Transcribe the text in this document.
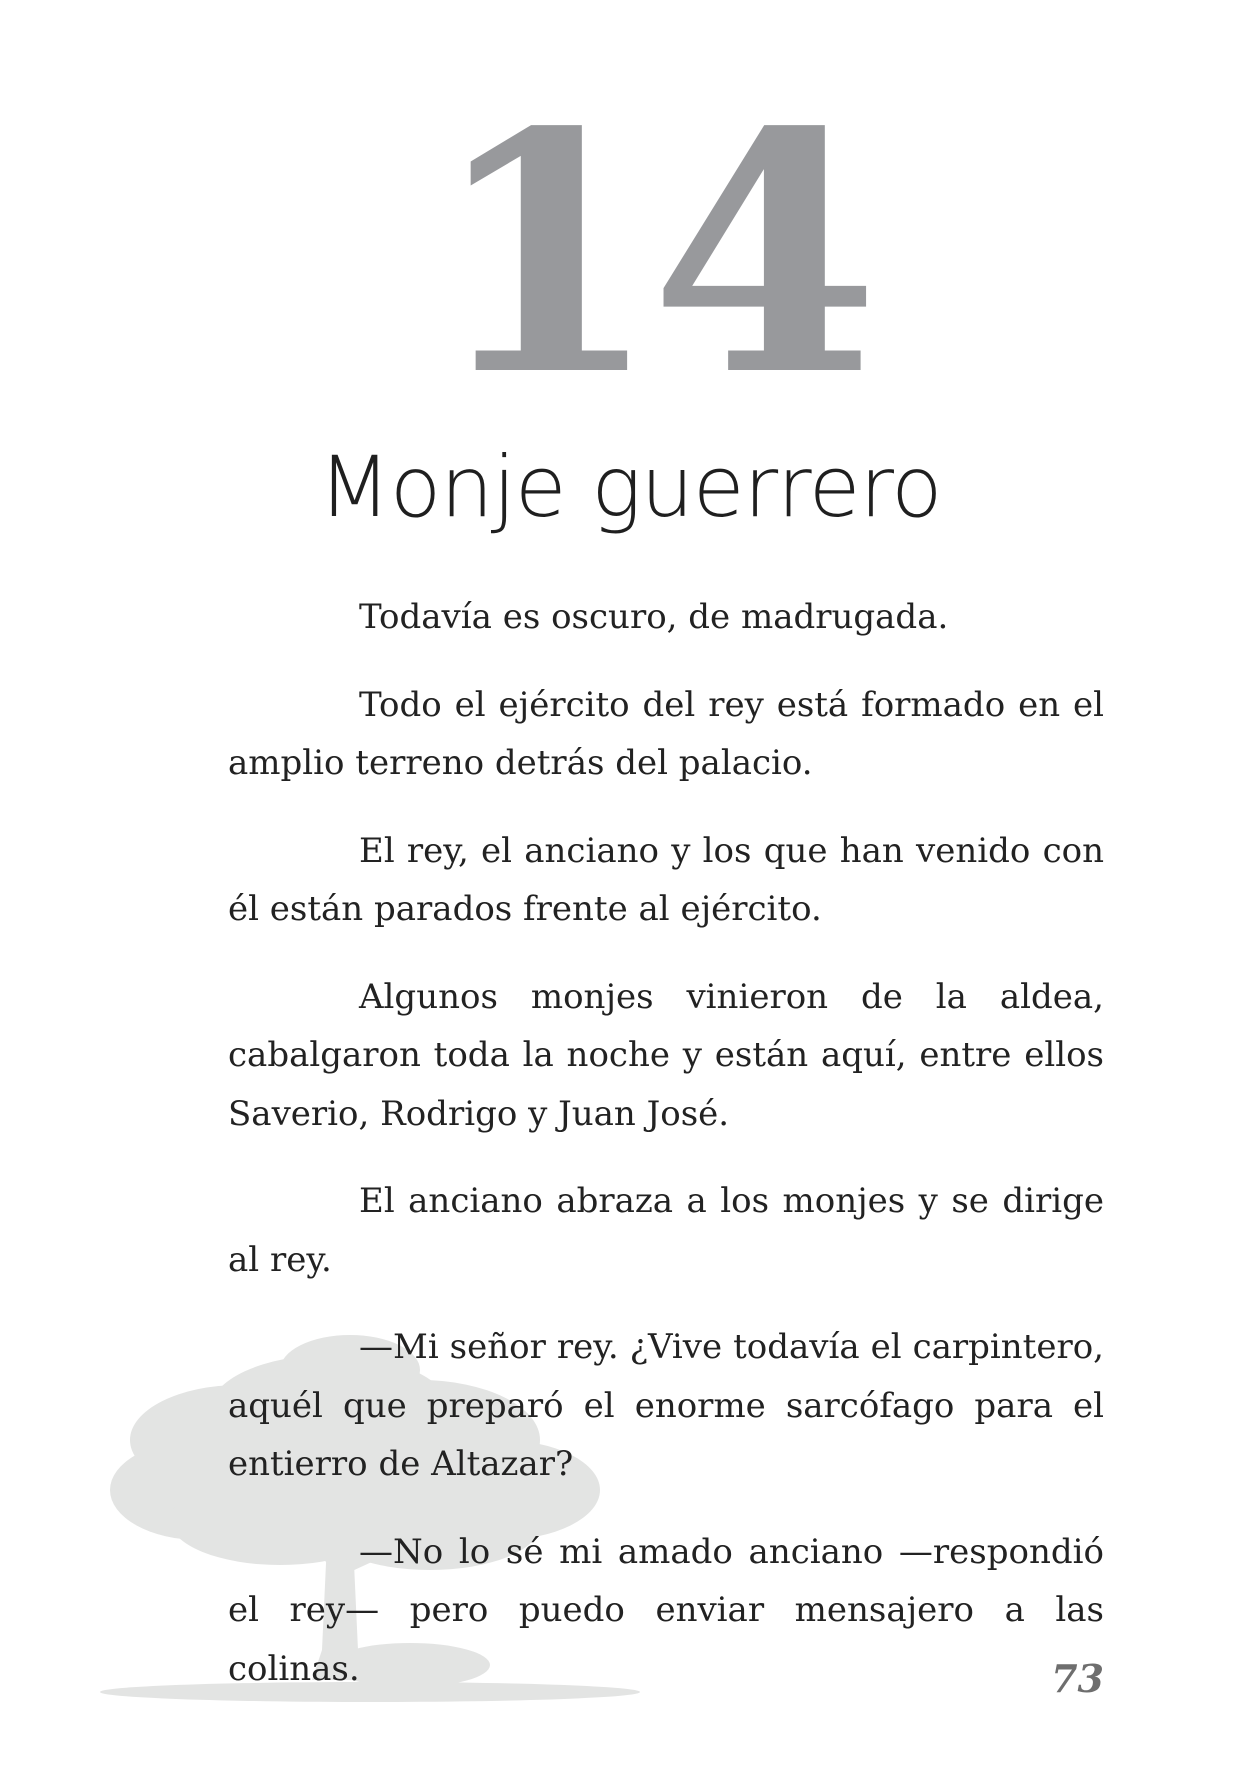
14
Monje guerrero

Todavía es oscuro, de madrugada.

Todo el ejército del rey está formado en el amplio terreno detrás del palacio.

El rey, el anciano y los que han venido con él están parados frente al ejército.

Algunos monjes vinieron de la aldea, cabalgaron toda la noche y están aquí, entre ellos Saverio, Rodrigo y Juan José.

El anciano abraza a los monjes y se dirige al rey.

—Mi señor rey. ¿Vive todavía el carpintero, aquél que preparó el enorme sarcófago para el entierro de Altazar?

—No lo sé mi amado anciano —respondió el rey— pero puedo enviar mensajero a las colinas.	73
